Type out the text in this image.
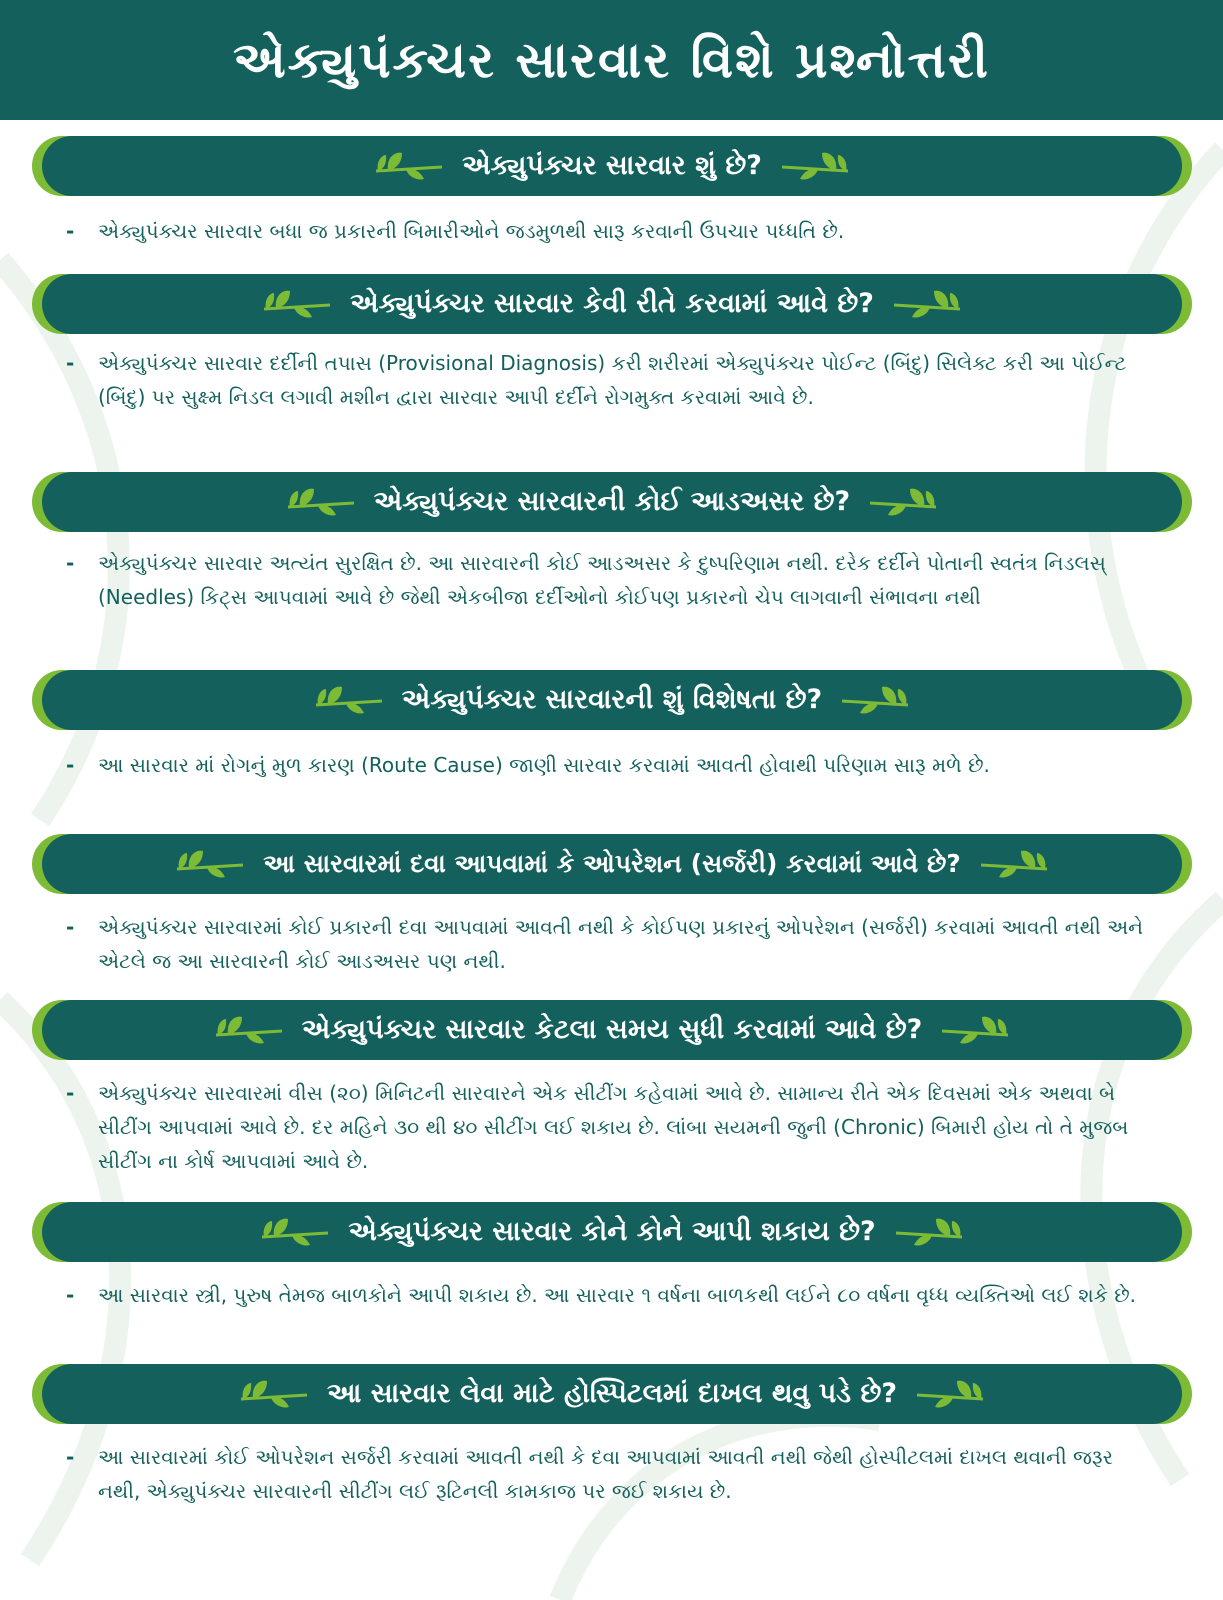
એક્યુપંક્ચર સારવાર વિશે પ્રશ્નોત્તરી
એક્યુપંક્ચર સારવાર શું છે?
- એક્યુપંક્ચર સારવાર બધા જ પ્રકારની બિમારીઓને જડમુળથી સારૂ કરવાની ઉપચાર પધ્ધતિ છે.
એક્યુપંક્ચર સારવાર કેવી રીતે કરવામાં આવે છે?
- એક્યુપંક્ચર સારવાર દર્દીની તપાસ (Provisional Diagnosis) કરી શરીરમાં એક્યુપંક્ચર પોઈન્ટ (બિંદુ) સિલેક્ટ કરી આ પોઈન્ટ (બિંદુ) પર સુક્ષ્મ નિડલ લગાવી મશીન દ્વારા સારવાર આપી દર્દીને રોગમુક્ત કરવામાં આવે છે.
એક્યુપંક્ચર સારવારની કોઈ આડઅસર છે?
- એક્યુપંક્ચર સારવાર અત્યંત સુરક્ષિત છે. આ સારવારની કોઈ આડઅસર કે દુષ્પરિણામ નથી. દરેક દર્દીને પોતાની સ્વતંત્ર નિડલસ્ (Needles) કિટ્સ આપવામાં આવે છે જેથી એકબીજા દર્દીઓનો કોઈપણ પ્રકારનો ચેપ લાગવાની સંભાવના નથી
એક્યુપંક્ચર સારવારની શું વિશેષતા છે?
- આ સારવાર માં રોગનું મુળ કારણ (Route Cause) જાણી સારવાર કરવામાં આવતી હોવાથી પરિણામ સારૂ મળે છે.
આ સારવારમાં દવા આપવામાં કે ઓપરેશન (સર્જરી) કરવામાં આવે છે?
- એક્યુપંક્ચર સારવારમાં કોઈ પ્રકારની દવા આપવામાં આવતી નથી કે કોઈપણ પ્રકારનું ઓપરેશન (સર્જરી) કરવામાં આવતી નથી અને એટલે જ આ સારવારની કોઈ આડઅસર પણ નથી.
એક્યુપંક્ચર સારવાર કેટલા સમય સુધી કરવામાં આવે છે?
- એક્યુપંક્ચર સારવારમાં વીસ (૨૦) મિનિટની સારવારને એક સીટીંગ કહેવામાં આવે છે. સામાન્ય રીતે એક દિવસમાં એક અથવા બે સીટીંગ આપવામાં આવે છે. દર મહિને ૩૦ થી ૪૦ સીટીંગ લઈ શકાય છે. લાંબા સયમની જુની (Chronic) બિમારી હોય તો તે મુજબ સીટીંગ ના કોર્ષ આપવામાં આવે છે.
એક્યુપંક્ચર સારવાર કોને કોને આપી શકાય છે?
- આ સારવાર સ્ત્રી, પુરુષ તેમજ બાળકોને આપી શકાય છે. આ સારવાર ૧ વર્ષના બાળકથી લઈને ૮૦ વર્ષના વૃધ્ધ વ્યક્તિઓ લઈ શકે છે.
આ સારવાર લેવા માટે હોસ્પિટલમાં દાખલ થવુ પડે છે?
- આ સારવારમાં કોઈ ઓપરેશન સર્જરી કરવામાં આવતી નથી કે દવા આપવામાં આવતી નથી જેથી હોસ્પીટલમાં દાખલ થવાની જરૂર નથી, એક્યુપંક્ચર સારવારની સીટીંગ લઈ રૂટિનલી કામકાજ પર જઈ શકાય છે.
